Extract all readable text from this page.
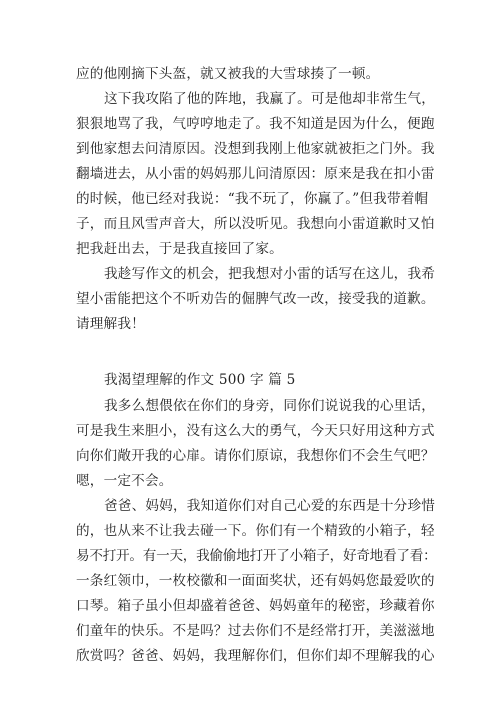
应的他刚摘下头盔，就又被我的大雪球揍了一顿。
这下我攻陷了他的阵地，我赢了。可是他却非常生气，
狠狠地骂了我，气哼哼地走了。我不知道是因为什么，便跑
到他家想去问清原因。没想到我刚上他家就被拒之门外。我
翻墙进去，从小雷的妈妈那儿问清原因：原来是我在扣小雷
的时候，他已经对我说：“我不玩了，你赢了。”但我带着帽
子，而且风雪声音大，所以没听见。我想向小雷道歉时又怕
把我赶出去，于是我直接回了家。
我趁写作文的机会，把我想对小雷的话写在这儿，我希
望小雷能把这个不听劝告的倔脾气改一改，接受我的道歉。
请理解我！
我渴望理解的作文 500 字 篇 5
我多么想偎依在你们的身旁，同你们说说我的心里话，
可是我生来胆小，没有这么大的勇气，今天只好用这种方式
向你们敞开我的心扉。请你们原谅，我想你们不会生气吧？
嗯，一定不会。
爸爸、妈妈，我知道你们对自己心爱的东西是十分珍惜
的，也从来不让我去碰一下。你们有一个精致的小箱子，轻
易不打开。有一天，我偷偷地打开了小箱子，好奇地看了看：
一条红领巾，一枚校徽和一面面奖状，还有妈妈您最爱吹的
口琴。箱子虽小但却盛着爸爸、妈妈童年的秘密，珍藏着你
们童年的快乐。不是吗？过去你们不是经常打开，美滋滋地
欣赏吗？爸爸、妈妈，我理解你们，但你们却不理解我的心
